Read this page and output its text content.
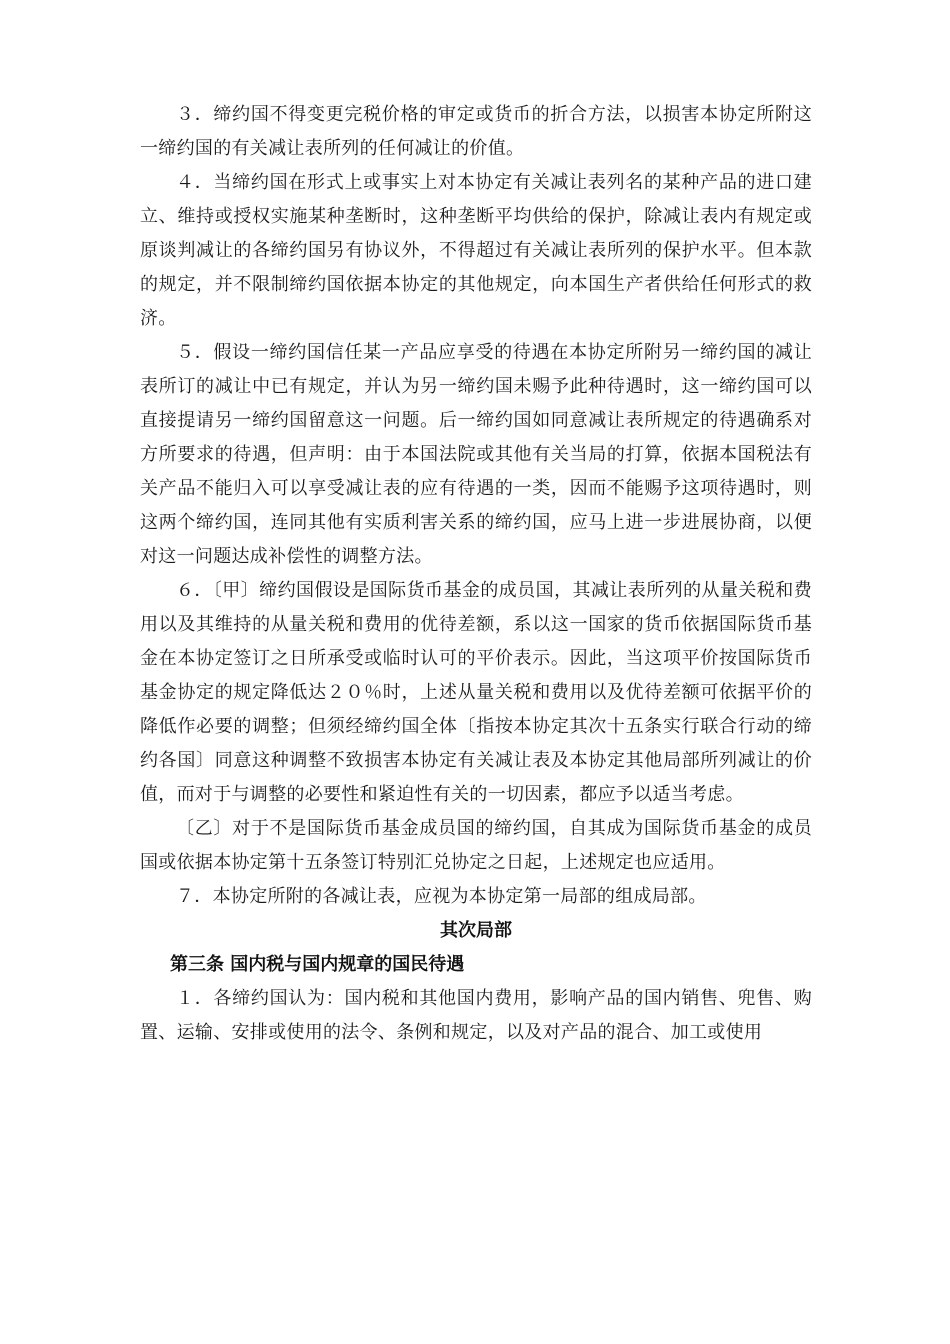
３．缔约国不得变更完税价格的审定或货币的折合方法，以损害本协定所附这一缔约国的有关减让表所列的任何减让的价值。

４．当缔约国在形式上或事实上对本协定有关减让表列名的某种产品的进口建立、维持或授权实施某种垄断时，这种垄断平均供给的保护，除减让表内有规定或原谈判减让的各缔约国另有协议外，不得超过有关减让表所列的保护水平。但本款的规定，并不限制缔约国依据本协定的其他规定，向本国生产者供给任何形式的救济。

５．假设一缔约国信任某一产品应享受的待遇在本协定所附另一缔约国的减让表所订的减让中已有规定，并认为另一缔约国未赐予此种待遇时，这一缔约国可以直接提请另一缔约国留意这一问题。后一缔约国如同意减让表所规定的待遇确系对方所要求的待遇，但声明：由于本国法院或其他有关当局的打算，依据本国税法有关产品不能归入可以享受减让表的应有待遇的一类，因而不能赐予这项待遇时，则这两个缔约国，连同其他有实质利害关系的缔约国，应马上进一步进展协商，以便对这一问题达成补偿性的调整方法。

６．〔甲〕缔约国假设是国际货币基金的成员国，其减让表所列的从量关税和费用以及其维持的从量关税和费用的优待差额，系以这一国家的货币依据国际货币基金在本协定签订之日所承受或临时认可的平价表示。因此，当这项平价按国际货币基金协定的规定降低达２０％时，上述从量关税和费用以及优待差额可依据平价的降低作必要的调整；但须经缔约国全体〔指按本协定其次十五条实行联合行动的缔约各国〕同意这种调整不致损害本协定有关减让表及本协定其他局部所列减让的价值，而对于与调整的必要性和紧迫性有关的一切因素，都应予以适当考虑。

〔乙〕对于不是国际货币基金成员国的缔约国，自其成为国际货币基金的成员国或依据本协定第十五条签订特别汇兑协定之日起，上述规定也应适用。

７．本协定所附的各减让表，应视为本协定第一局部的组成局部。

其次局部

第三条 国内税与国内规章的国民待遇

１．各缔约国认为：国内税和其他国内费用，影响产品的国内销售、兜售、购置、运输、安排或使用的法令、条例和规定，以及对产品的混合、加工或使用
